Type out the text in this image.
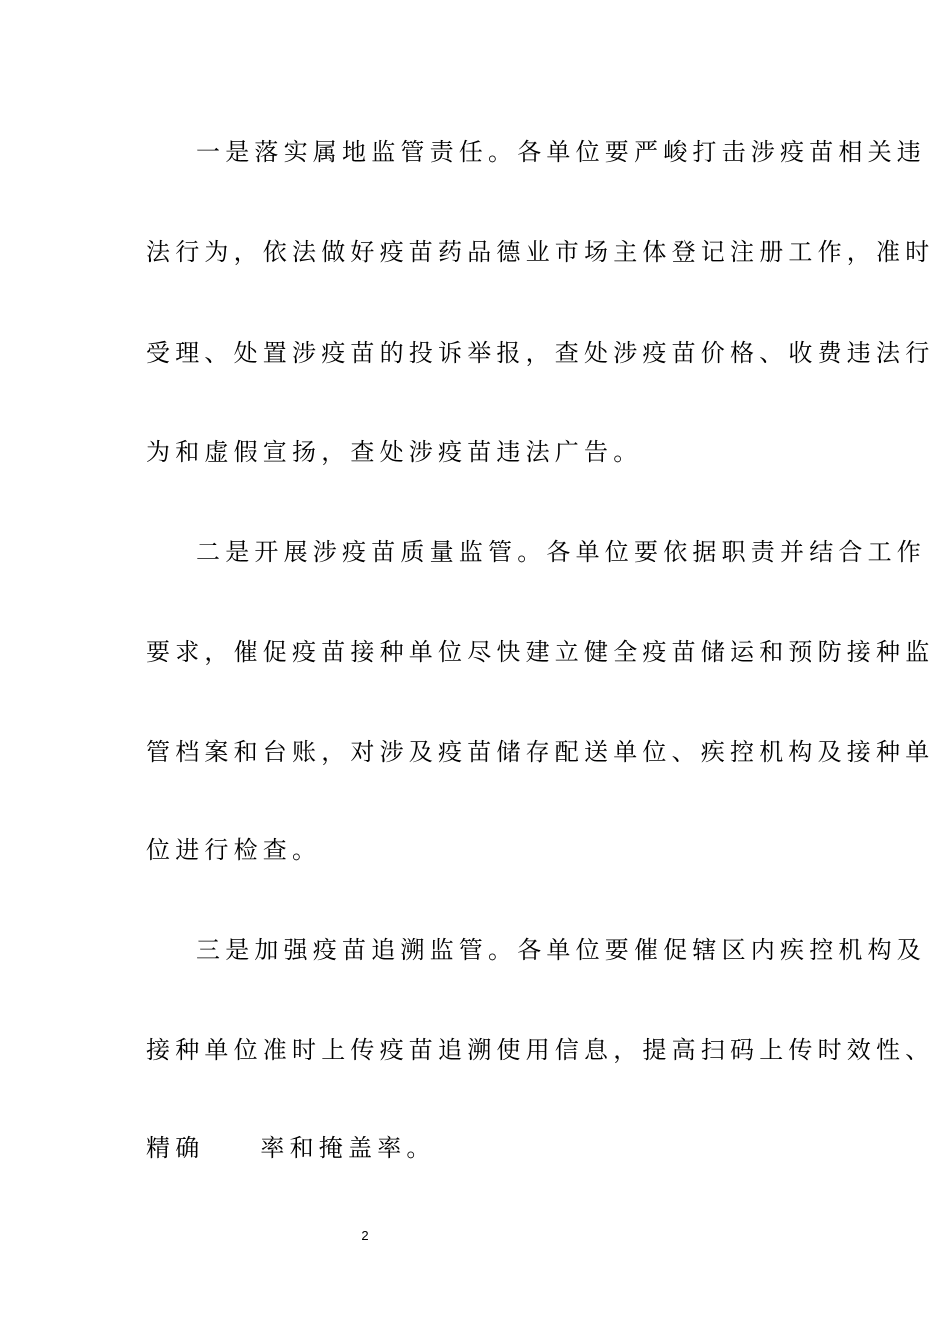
一是落实属地监管责任。各单位要严峻打击涉疫苗相关违
法行为，依法做好疫苗药品德业市场主体登记注册工作，准时
受理、处置涉疫苗的投诉举报，查处涉疫苗价格、收费违法行
为和虚假宣扬，查处涉疫苗违法广告。
二是开展涉疫苗质量监管。各单位要依据职责并结合工作
要求，催促疫苗接种单位尽快建立健全疫苗储运和预防接种监
管档案和台账，对涉及疫苗储存配送单位、疾控机构及接种单
位进行检查。
三是加强疫苗追溯监管。各单位要催促辖区内疾控机构及
接种单位准时上传疫苗追溯使用信息，提高扫码上传时效性、
精确 率和掩盖率。
2
